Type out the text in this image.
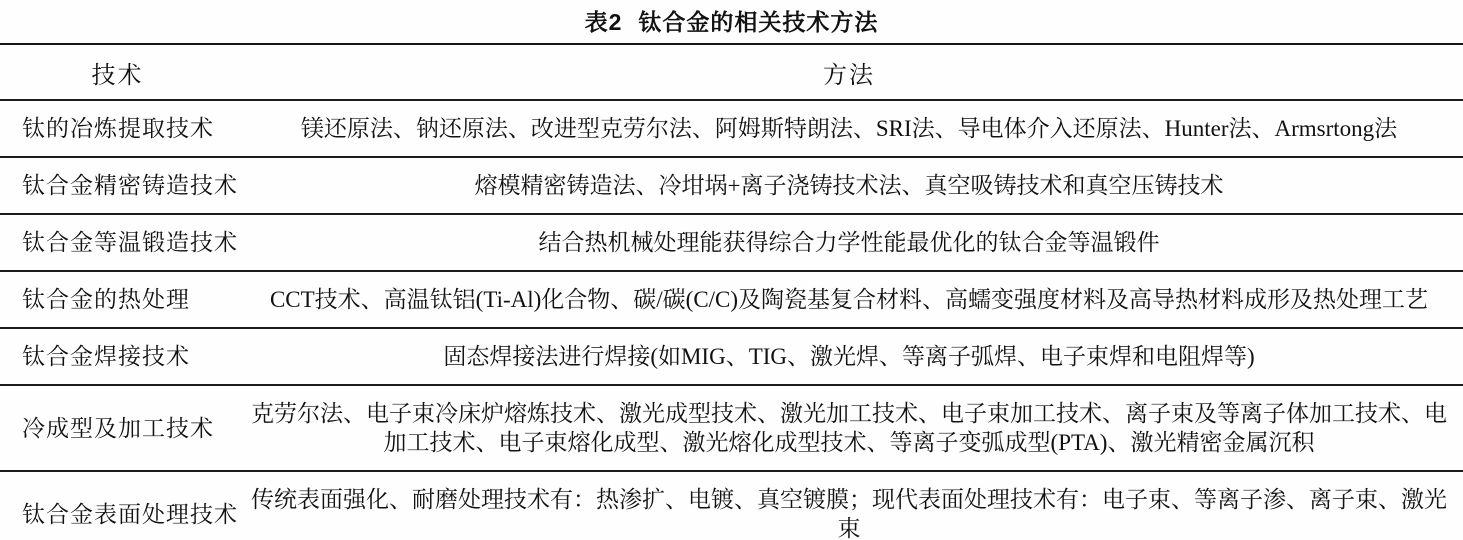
表2 钛合金的相关技术方法
技术	方法
钛的冶炼提取技术	镁还原法、钠还原法、改进型克劳尔法、阿姆斯特朗法、SRI法、导电体介入还原法、Hunter法、Armsrtong法
钛合金精密铸造技术	熔模精密铸造法、冷坩埚+离子浇铸技术法、真空吸铸技术和真空压铸技术
钛合金等温锻造技术	结合热机械处理能获得综合力学性能最优化的钛合金等温锻件
钛合金的热处理	CCT技术、高温钛铝(Ti-Al)化合物、碳/碳(C/C)及陶瓷基复合材料、高蠕变强度材料及高导热材料成形及热处理工艺
钛合金焊接技术	固态焊接法进行焊接(如MIG、TIG、激光焊、等离子弧焊、电子束焊和电阻焊等)
冷成型及加工技术	克劳尔法、电子束冷床炉熔炼技术、激光成型技术、激光加工技术、电子束加工技术、离子束及等离子体加工技术、电加工技术、电子束熔化成型、激光熔化成型技术、等离子变弧成型(PTA)、激光精密金属沉积
钛合金表面处理技术	传统表面强化、耐磨处理技术有：热渗扩、电镀、真空镀膜；现代表面处理技术有：电子束、等离子渗、离子束、激光束
